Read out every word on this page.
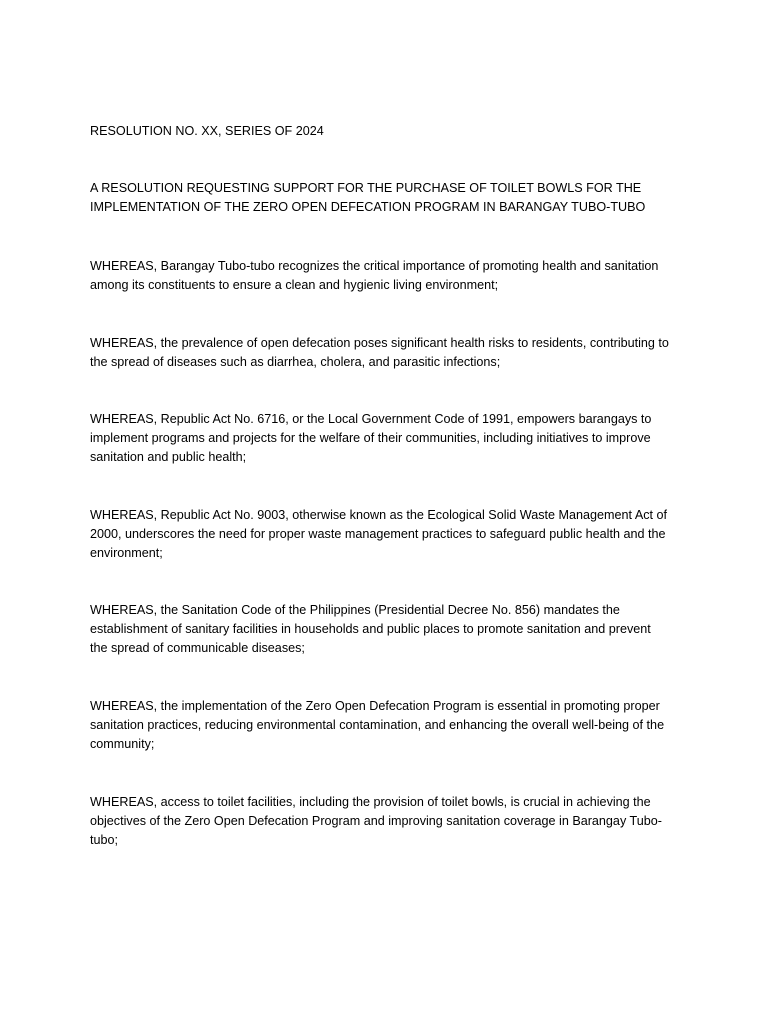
RESOLUTION NO. XX, SERIES OF 2024

A RESOLUTION REQUESTING SUPPORT FOR THE PURCHASE OF TOILET BOWLS FOR THE
IMPLEMENTATION OF THE ZERO OPEN DEFECATION PROGRAM IN BARANGAY TUBO-TUBO

WHEREAS, Barangay Tubo-tubo recognizes the critical importance of promoting health and sanitation
among its constituents to ensure a clean and hygienic living environment;

WHEREAS, the prevalence of open defecation poses significant health risks to residents, contributing to
the spread of diseases such as diarrhea, cholera, and parasitic infections;

WHEREAS, Republic Act No. 6716, or the Local Government Code of 1991, empowers barangays to
implement programs and projects for the welfare of their communities, including initiatives to improve
sanitation and public health;

WHEREAS, Republic Act No. 9003, otherwise known as the Ecological Solid Waste Management Act of
2000, underscores the need for proper waste management practices to safeguard public health and the
environment;

WHEREAS, the Sanitation Code of the Philippines (Presidential Decree No. 856) mandates the
establishment of sanitary facilities in households and public places to promote sanitation and prevent
the spread of communicable diseases;

WHEREAS, the implementation of the Zero Open Defecation Program is essential in promoting proper
sanitation practices, reducing environmental contamination, and enhancing the overall well-being of the
community;

WHEREAS, access to toilet facilities, including the provision of toilet bowls, is crucial in achieving the
objectives of the Zero Open Defecation Program and improving sanitation coverage in Barangay Tubo-
tubo;
